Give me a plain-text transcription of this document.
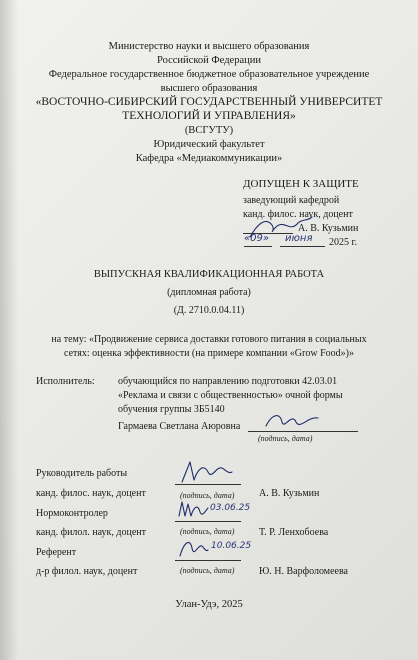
Министерство науки и высшего образования
Российской Федерации
Федеральное государственное бюджетное образовательное учреждение
высшего образования
«ВОСТОЧНО-СИБИРСКИЙ ГОСУДАРСТВЕННЫЙ УНИВЕРСИТЕТ
ТЕХНОЛОГИЙ И УПРАВЛЕНИЯ»
(ВСГУТУ)
Юридический факультет
Кафедра «Медиакоммуникации»
ДОПУЩЕН К ЗАЩИТЕ
заведующий кафедрой
канд. филос. наук, доцент
А. В. Кузьмин
«09» июня 2025 г.
ВЫПУСКНАЯ КВАЛИФИКАЦИОННАЯ РАБОТА
(дипломная работа)
(Д. 2710.0.04.11)
на тему: «Продвижение сервиса доставки готового питания в социальных
сетях: оценка эффективности (на примере компании «Grow Food»)»
Исполнитель: обучающийся по направлению подготовки 42.03.01
«Реклама и связи с общественностью» очной формы
обучения группы 3Б5140
Гармаева Светлана Аюровна
(подпись, дата)
Руководитель работы
канд. филос. наук, доцент	(подпись, дата) А. В. Кузьмин
Нормоконтролер
канд. филол. наук, доцент
03.06.25
(подпись, дата) Т. Р. Ленхобоева
Референт
д-р филол. наук, доцент
10.06.25
(подпись, дата) Ю. Н. Варфоломеева
Улан-Удэ, 2025
